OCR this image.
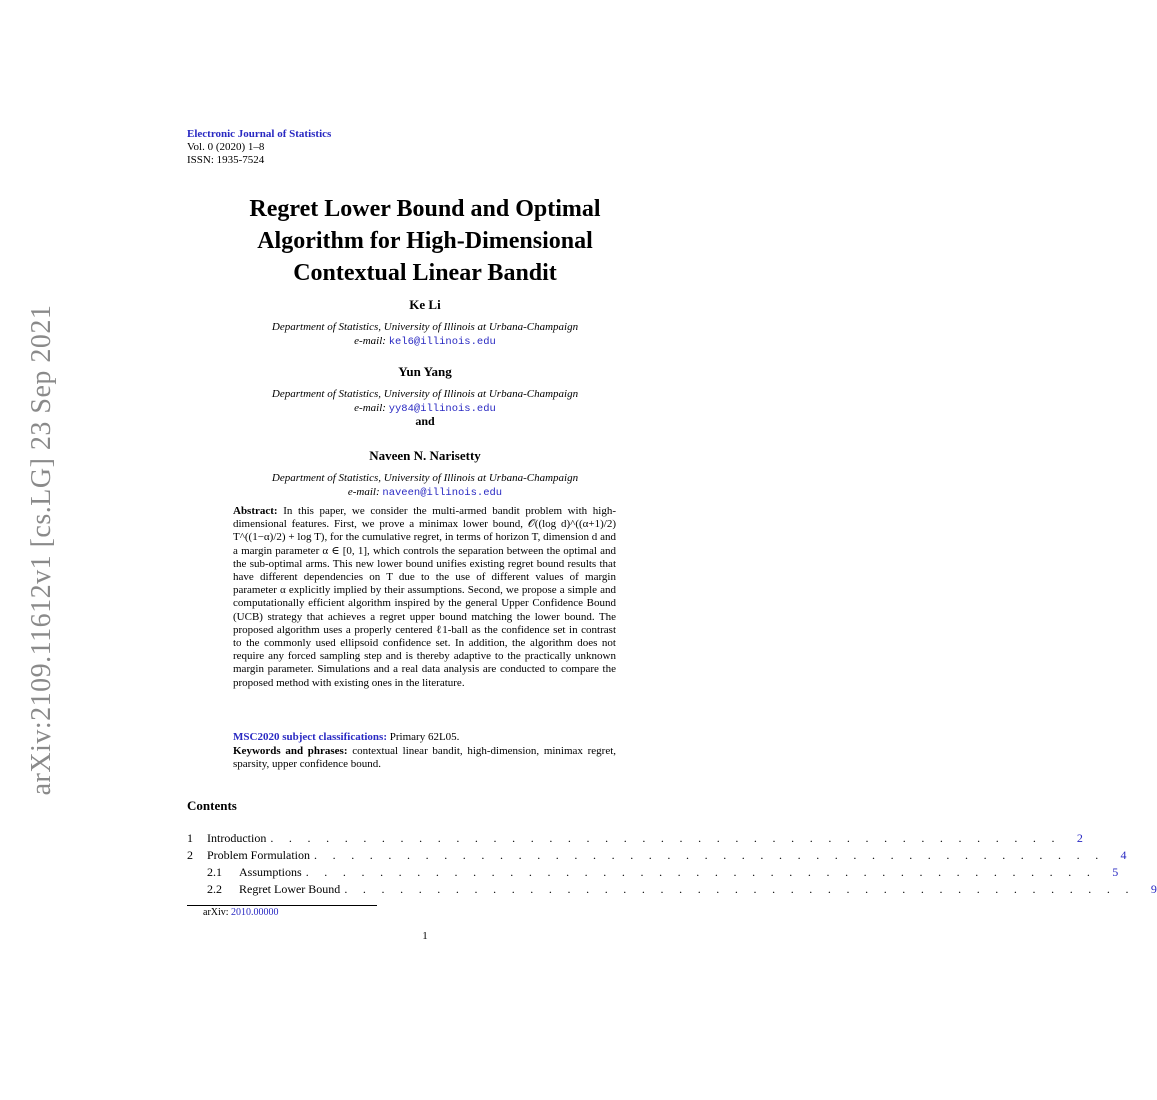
arXiv:2109.11612v1 [cs.LG] 23 Sep 2021
Electronic Journal of Statistics
Vol. 0 (2020) 1–8
ISSN: 1935-7524
Regret Lower Bound and Optimal
Algorithm for High-Dimensional
Contextual Linear Bandit
Ke Li
Department of Statistics, University of Illinois at Urbana-Champaign
e-mail: kel6@illinois.edu
Yun Yang
Department of Statistics, University of Illinois at Urbana-Champaign
e-mail: yy84@illinois.edu
and
Naveen N. Narisetty
Department of Statistics, University of Illinois at Urbana-Champaign
e-mail: naveen@illinois.edu
Abstract: In this paper, we consider the multi-armed bandit problem with high-dimensional features. First, we prove a minimax lower bound, 𝒪((log d)^((α+1)/2) T^((1−α)/2) + log T), for the cumulative regret, in terms of horizon T, dimension d and a margin parameter α ∈ [0, 1], which controls the separation between the optimal and the sub-optimal arms. This new lower bound unifies existing regret bound results that have different dependencies on T due to the use of different values of margin parameter α explicitly implied by their assumptions. Second, we propose a simple and computationally efficient algorithm inspired by the general Upper Confidence Bound (UCB) strategy that achieves a regret upper bound matching the lower bound. The proposed algorithm uses a properly centered ℓ1-ball as the confidence set in contrast to the commonly used ellipsoid confidence set. In addition, the algorithm does not require any forced sampling step and is thereby adaptive to the practically unknown margin parameter. Simulations and a real data analysis are conducted to compare the proposed method with existing ones in the literature.
MSC2020 subject classifications: Primary 62L05.
Keywords and phrases: contextual linear bandit, high-dimension, minimax regret, sparsity, upper confidence bound.
Contents
1	Introduction . . . . . . . . . . . . . . . . . . . . . . . . . . . . . . . . . . . . . . . . . . .	2
2	Problem Formulation . . . . . . . . . . . . . . . . . . . . . . . . . . . . . . . . . . . . . . . . . . .	4
2.1	Assumptions . . . . . . . . . . . . . . . . . . . . . . . . . . . . . . . . . . . . . . . . . . .	5
2.2	Regret Lower Bound . . . . . . . . . . . . . . . . . . . . . . . . . . . . . . . . . . . . . . . . . . .	9
arXiv: 2010.00000
1
